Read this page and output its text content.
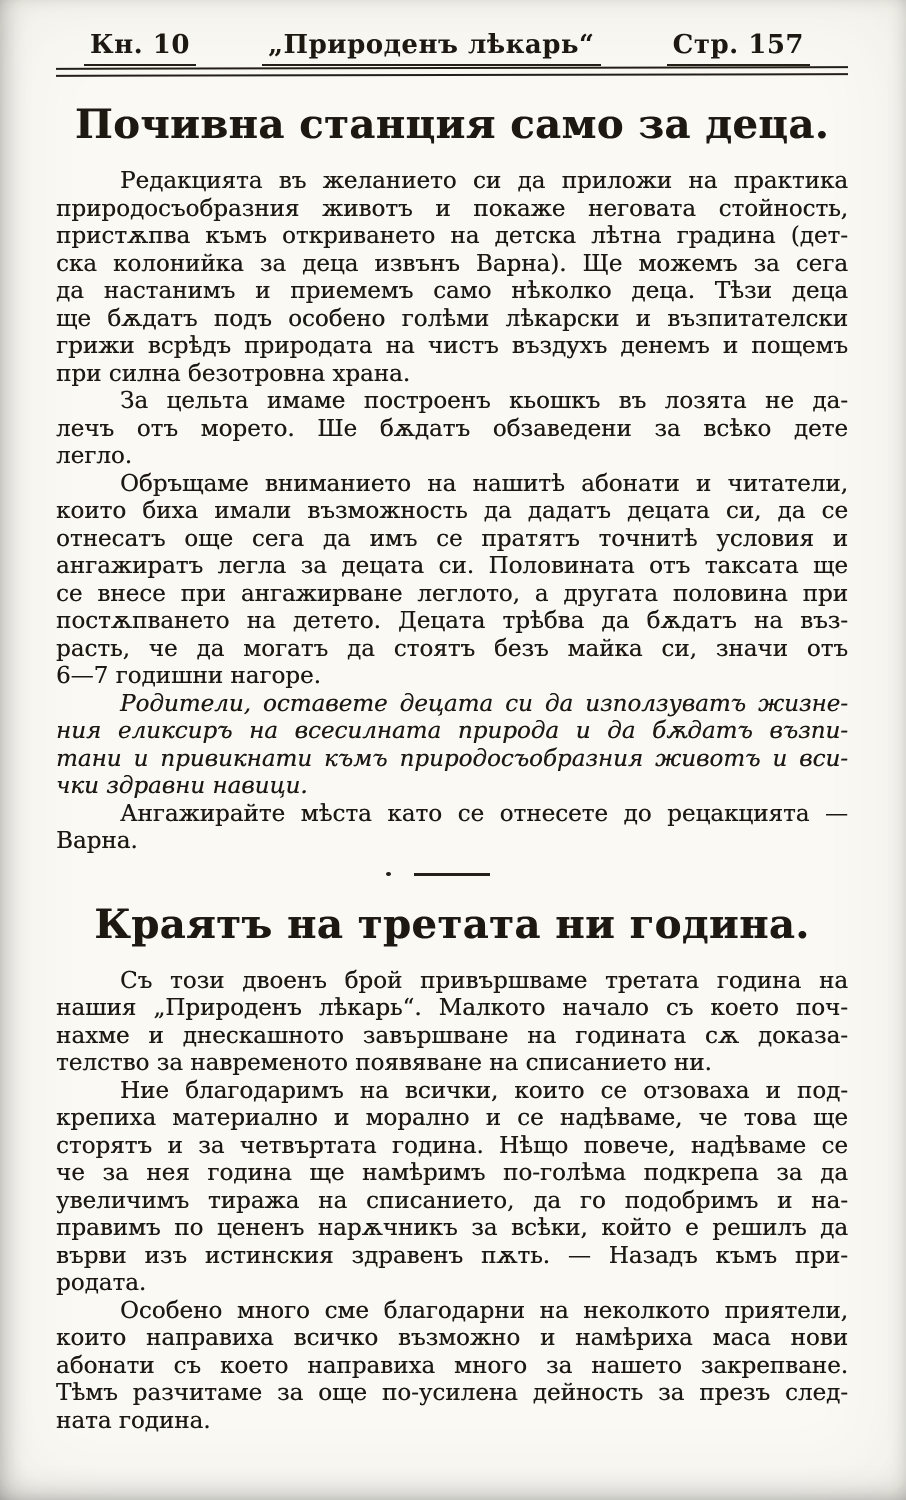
Кн. 10	„Природенъ лѣкарь“	Стр. 157
Почивна станция само за деца.
Редакцията въ желанието си да приложи на практика
природосъобразния животъ и покаже неговата стойность,
пристѫпва къмъ откриването на детска лѣтна градина (дет-
ска колонийка за деца извънъ Варна). Ще можемъ за сега
да настанимъ и приемемъ само нѣколко деца. Тѣзи деца
ще бѫдатъ подъ особено голѣми лѣкарски и възпитателски
грижи всрѣдъ природата на чистъ въздухъ денемъ и пощемъ
при силна безотровна храна.
За цельта имаме построенъ кьошкъ въ лозята не да-
лечъ отъ морето. Ше бѫдатъ обзаведени за всѣко дете
легло.
Обръщаме вниманието на нашитѣ абонати и читатели,
които биха имали възможность да дадатъ децата си, да се
отнесатъ още сега да имъ се пратятъ точнитѣ условия и
ангажиратъ легла за децата си. Половината отъ таксата ще
се внесе при ангажирване леглото, а другата половина при
постѫпването на детето. Децата трѣбва да бѫдатъ на въз-
расть, че да могатъ да стоятъ безъ майка си, значи отъ
6—7 годишни нагоре.
Родители, оставете децата си да използуватъ жизне-
ния еликсиръ на всесилната природа и да бѫдатъ възпи-
тани и привикнати къмъ природосъобразния животъ и вси-
чки здравни навици.
Ангажирайте мѣста като се отнесете до рецакцията —
Варна.
Краятъ на третата ни година.
Съ този двоенъ брой привършваме третата година на
нашия „Природенъ лѣкарь“. Малкото начало съ което поч-
нахме и днескашното завършване на годината сѫ доказа-
телство за навременото появяване на списанието ни.
Ние благодаримъ на всички, които се отзоваха и под-
крепиха материално и морално и се надѣваме, че това ще
сторятъ и за четвъртата година. Нѣщо повече, надѣваме се
че за нея година ще намѣримъ по-голѣма подкрепа за да
увеличимъ тиража на списанието, да го подобримъ и на-
правимъ по цененъ нарѫчникъ за всѣки, който е решилъ да
върви изъ истинския здравенъ пѫть. — Назадъ къмъ при-
родата.
Особено много сме благодарни на неколкото приятели,
които направиха всичко възможно и намѣриха маса нови
абонати съ което направиха много за нашето закрепване.
Тѣмъ разчитаме за още по-усилена дейность за презъ след-
ната година.
